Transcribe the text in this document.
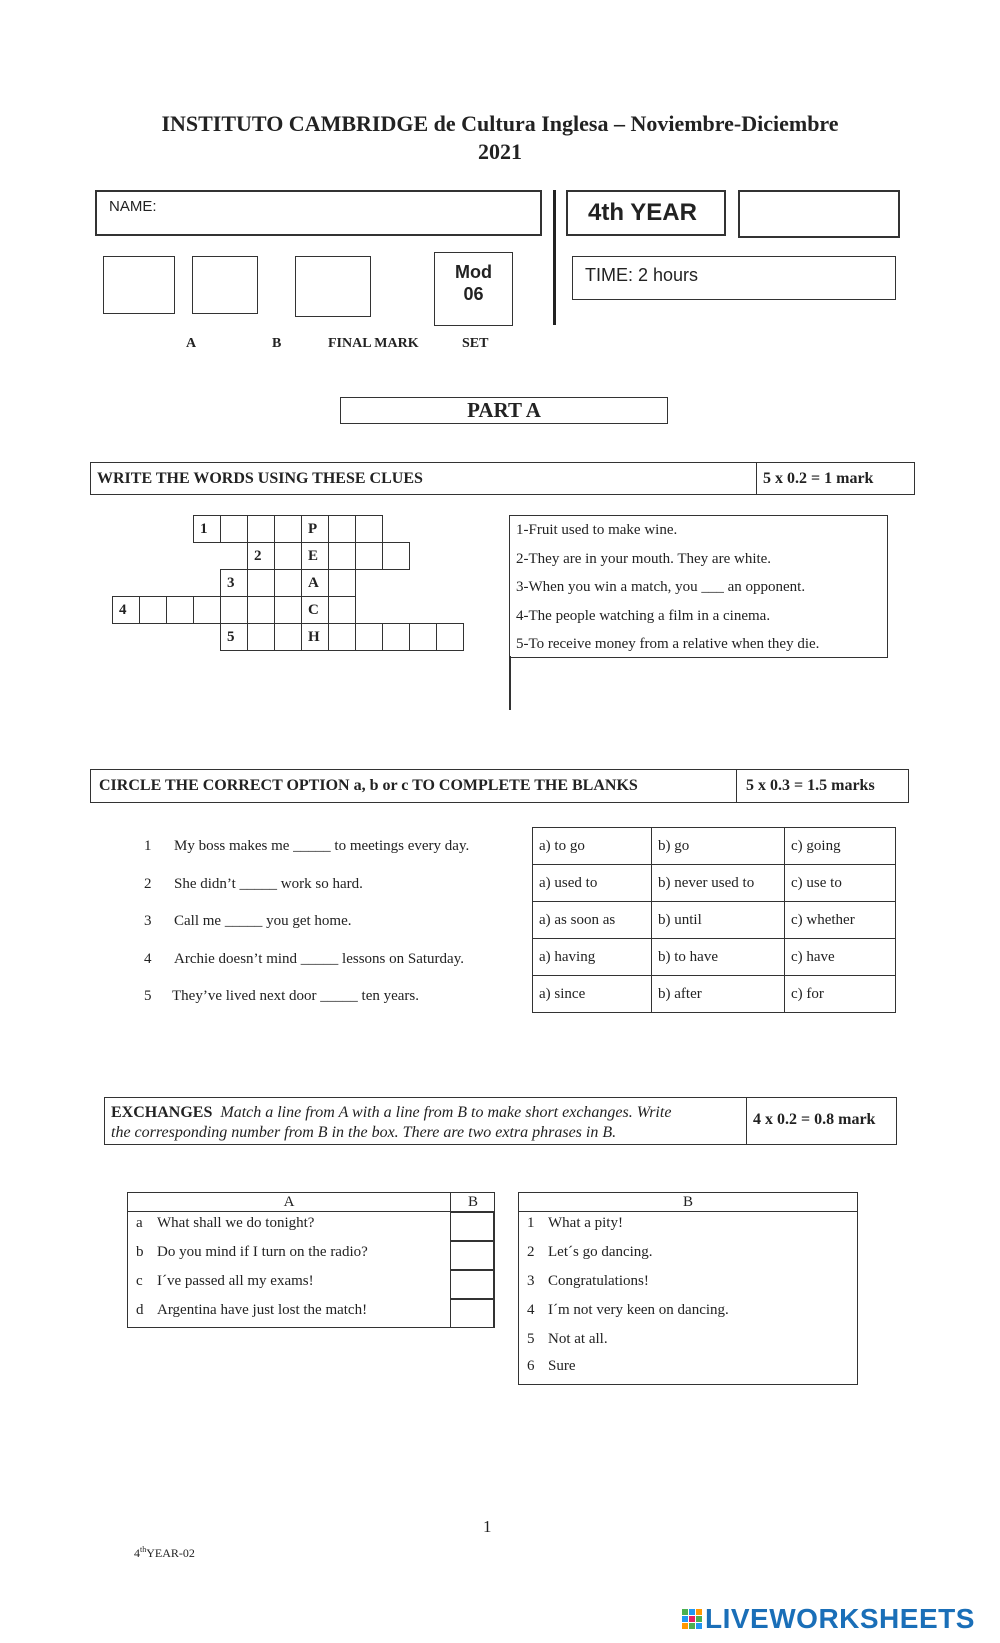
INSTITUTO CAMBRIDGE de Cultura Inglesa – Noviembre-Diciembre
2021
NAME:	4th YEAR
Mod
06
TIME: 2 hours
A	B	FINAL MARK	SET
PART A
WRITE THE WORDS USING THESE CLUES	5 x 0.2 = 1 mark
			1				P					
					2		E					
				3			A					
4							C					
				5			H					
1-Fruit used to make wine.
2-They are in your mouth. They are white.
3-When you win a match, you ___ an opponent.
4-The people watching a film in a cinema.
5-To receive money from a relative when they die.
CIRCLE THE CORRECT OPTION a, b or c TO COMPLETE THE BLANKS	5 x 0.3 = 1.5 marks
1 My boss makes me _____ to meetings every day.
2 She didn’t _____ work so hard.
3 Call me _____ you get home.
4 Archie doesn’t mind _____ lessons on Saturday.
5 They’ve lived next door _____ ten years.
a) to go	b) go	c) going
a) used to	b) never used to	c) use to
a) as soon as	b) until	c) whether
a) having	b) to have	c) have
a) since	b) after	c) for
EXCHANGES Match a line from A with a line from B to make short exchanges. Write
the corresponding number from B in the box. There are two extra phrases in B.
4 x 0.2 = 0.8 mark
A	B
a What shall we do tonight?
b Do you mind if I turn on the radio?
c I´ve passed all my exams!
d Argentina have just lost the match!
B
1 What a pity!
2 Let´s go dancing.
3 Congratulations!
4 I´m not very keen on dancing.
5 Not at all.
6 Sure
1
4thYEAR-02
LIVEWORKSHEETS
